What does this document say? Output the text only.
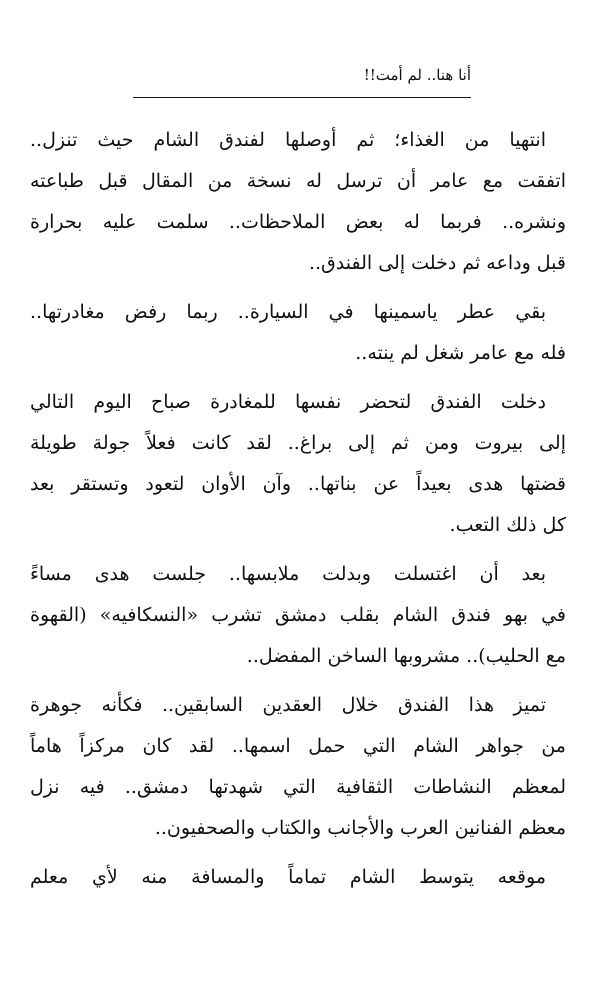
أنا هنا.. لم أمت!!
انتهيا من الغذاء؛ ثم أوصلها لفندق الشام حيث تنزل..
اتفقت مع عامر أن ترسل له نسخة من المقال قبل طباعته
ونشره.. فربما له بعض الملاحظات.. سلمت عليه بحرارة
قبل وداعه ثم دخلت إلى الفندق..
بقي عطر ياسمينها في السيارة.. ربما رفض مغادرتها..
فله مع عامر شغل لم ينته..
دخلت الفندق لتحضر نفسها للمغادرة صباح اليوم التالي
إلى بيروت ومن ثم إلى براغ.. لقد كانت فعلاً جولة طويلة
قضتها هدى بعيداً عن بناتها.. وآن الأوان لتعود وتستقر بعد
كل ذلك التعب.
بعد أن اغتسلت وبدلت ملابسها.. جلست هدى مساءً
في بهو فندق الشام بقلب دمشق تشرب «النسكافيه» (القهوة
مع الحليب).. مشروبها الساخن المفضل..
تميز هذا الفندق خلال العقدين السابقين.. فكأنه جوهرة
من جواهر الشام التي حمل اسمها.. لقد كان مركزاً هاماً
لمعظم النشاطات الثقافية التي شهدتها دمشق.. فيه نزل
معظم الفنانين العرب والأجانب والكتاب والصحفيون..
موقعه يتوسط الشام تماماً والمسافة منه لأي معلم
